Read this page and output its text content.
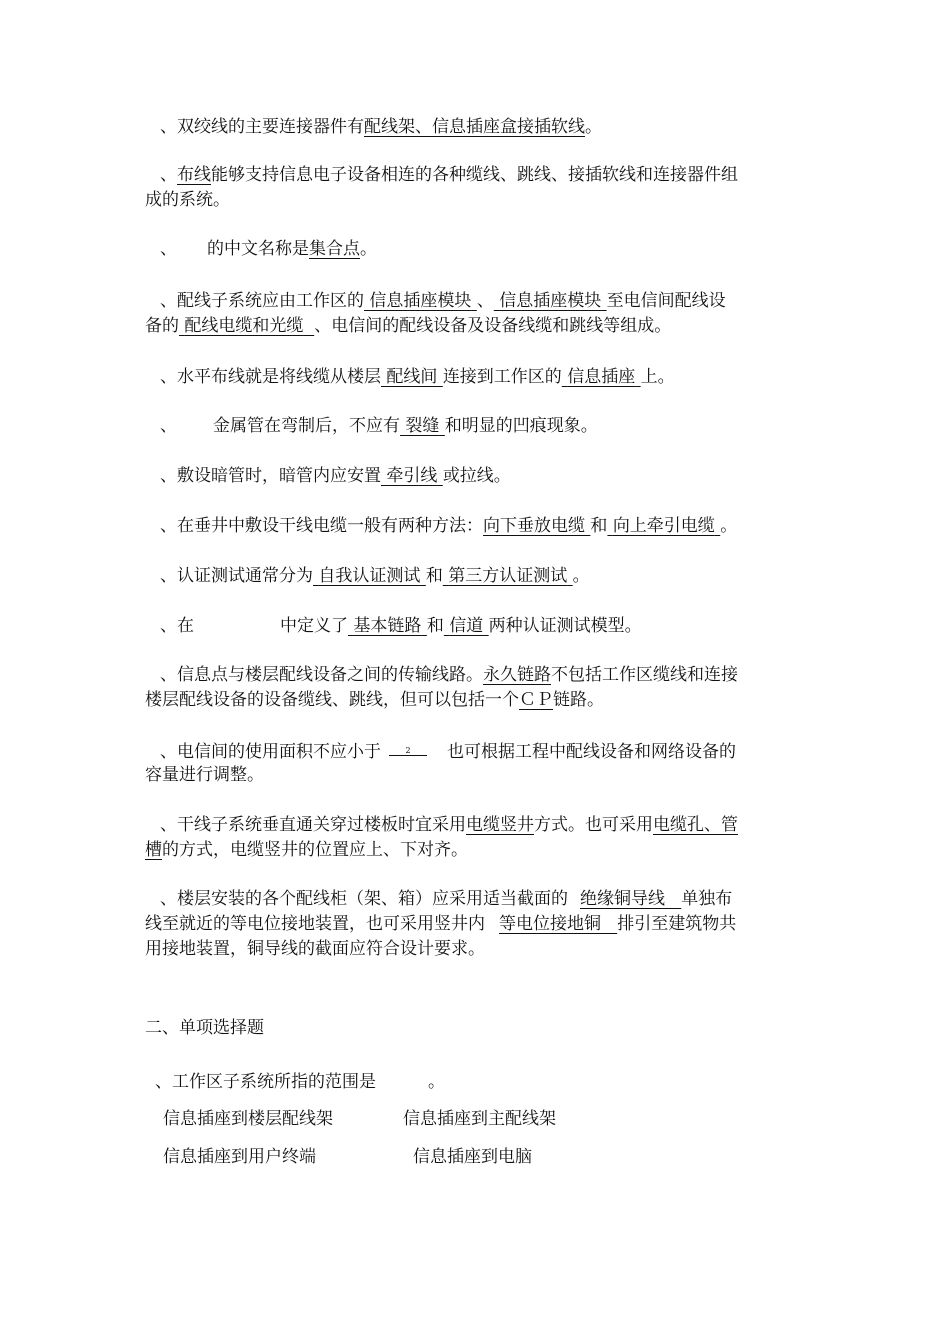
、双绞线的主要连接器件有配线架、信息插座盒接插软线。
、布线能够支持信息电子设备相连的各种缆线、跳线、接插软线和连接器件组
成的系统。
、 的中文名称是集合点。
、配线子系统应由工作区的 信息插座模块 、 信息插座模块 至电信间配线设
备的 配线电缆和光缆 、电信间的配线设备及设备线缆和跳线等组成。
、水平布线就是将线缆从楼层 配线间 连接到工作区的 信息插座 上。
、 金属管在弯制后，不应有 裂缝 和明显的凹痕现象。
、敷设暗管时，暗管内应安置 牵引线 或拉线。
、在垂井中敷设干线电缆一般有两种方法：向下垂放电缆 和 向上牵引电缆 。
、认证测试通常分为 自我认证测试 和 第三方认证测试 。
、在	中定义了 基本链路 和 信道 两种认证测试模型。
、信息点与楼层配线设备之间的传输线路。永久链路不包括工作区缆线和连接
楼层配线设备的设备缆线、跳线，但可以包括一个ＣＰ链路。
、电信间的使用面积不应小于	$^2$ 也可根据工程中配线设备和网络设备的
容量进行调整。
、干线子系统垂直通关穿过楼板时宜采用电缆竖井方式。也可采用电缆孔、管
槽的方式，电缆竖井的位置应上、下对齐。
、楼层安装的各个配线柜（架、箱）应采用适当截面的 绝缘铜导线 单独布
线至就近的等电位接地装置，也可采用竖井内 等电位接地铜 排引至建筑物共
用接地装置，铜导线的截面应符合设计要求。
二、单项选择题
、工作区子系统所指的范围是	。
信息插座到楼层配线架	信息插座到主配线架
信息插座到用户终端	信息插座到电脑
